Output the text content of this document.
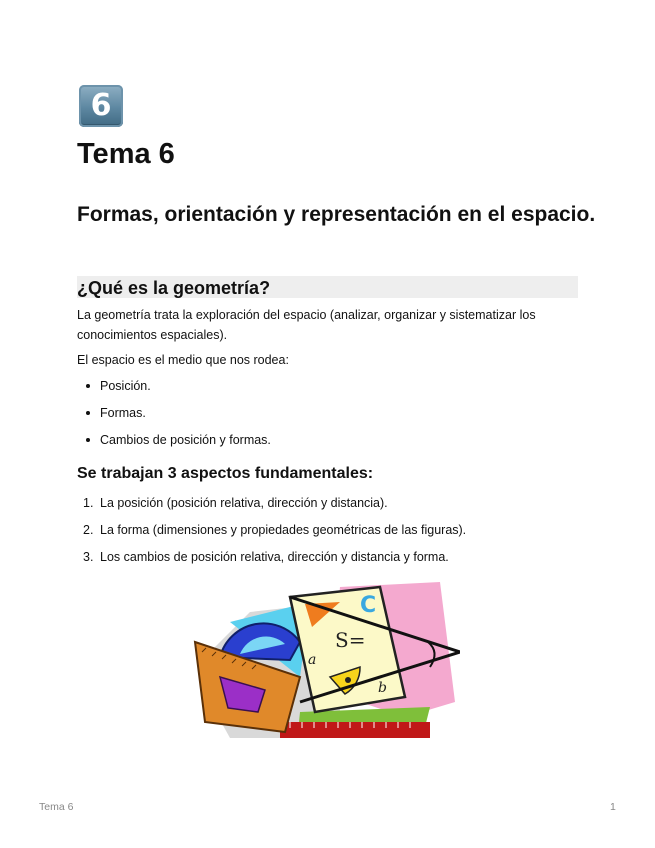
6
Tema 6
Formas, orientación y representación en el espacio.
¿Qué es la geometría?

La geometría trata la exploración del espacio (analizar, organizar y sistematizar los conocimientos espaciales).

El espacio es el medio que nos rodea:

Posición.
Formas.
Cambios de posición y formas.
Se trabajan 3 aspectos fundamentales:
1. La posición (posición relativa, dirección y distancia).
2. La forma (dimensiones y propiedades geométricas de las figuras).
3. Los cambios de posición relativa, dirección y distancia y forma.
C
S=
a
b
Tema 6	1
